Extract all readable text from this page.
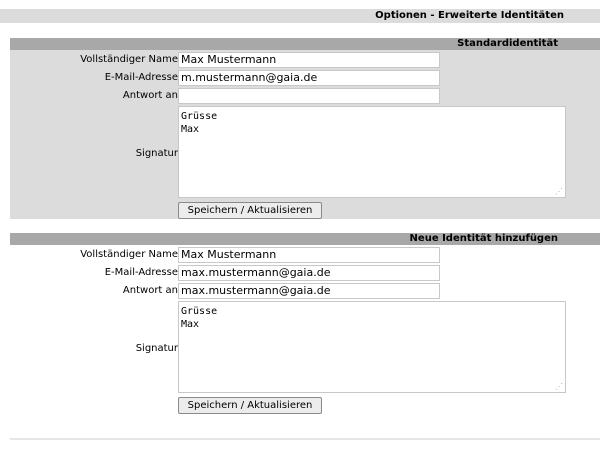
Optionen - Erweiterte Identitäten
Standardidentität
Vollständiger Name Max Mustermann
E-Mail-Adresse m.mustermann@gaia.de
Antwort an
Signatur
Grüsse
Max
⋰
Speichern / Aktualisieren
Neue Identität hinzufügen
Vollständiger Name Max Mustermann
E-Mail-Adresse max.mustermann@gaia.de
Antwort an max.mustermann@gaia.de
Signatur
Grüsse
Max
⋰
Speichern / Aktualisieren
